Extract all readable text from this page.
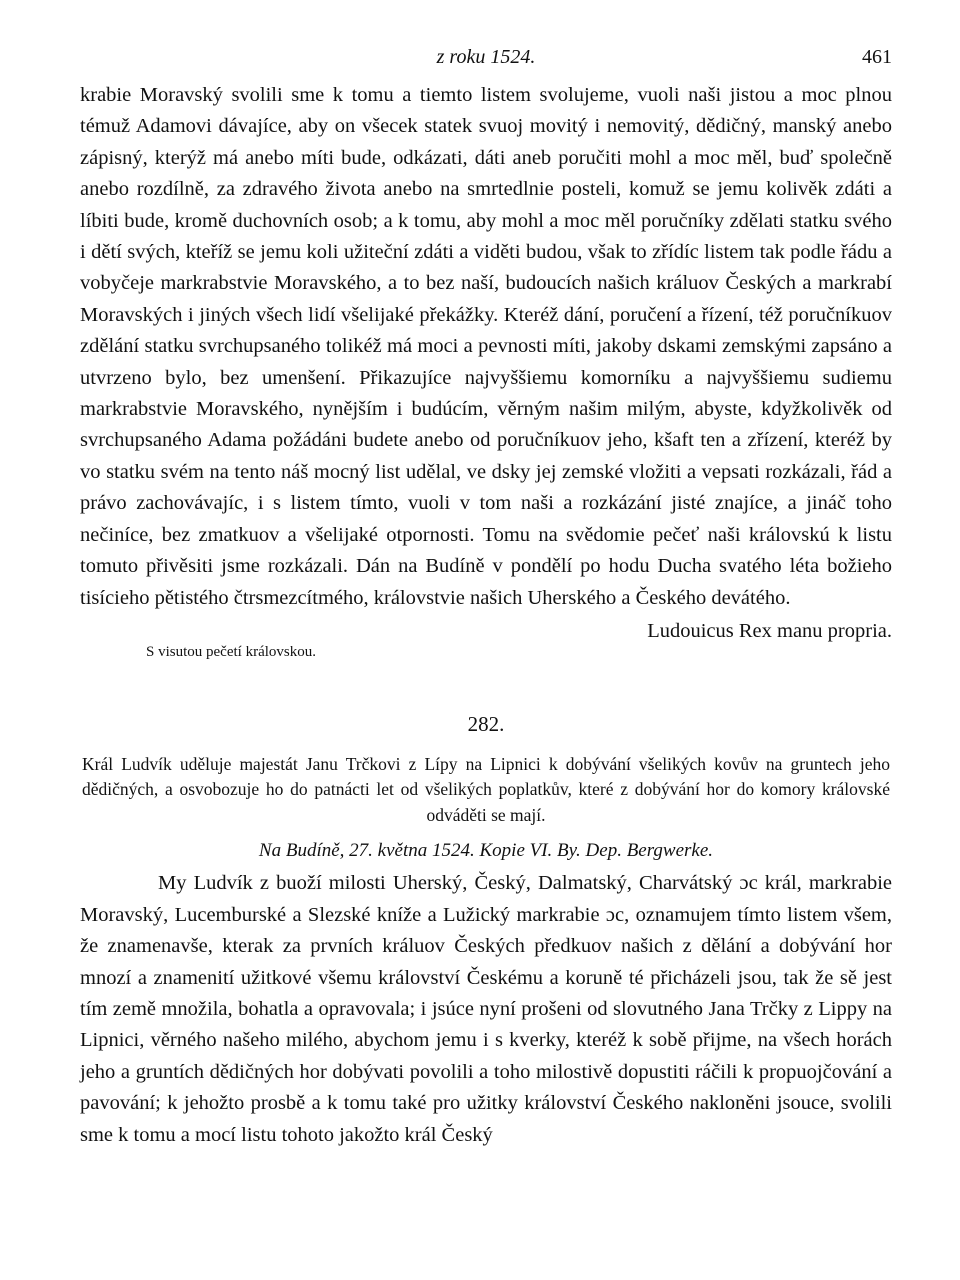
z roku 1524.	461

krabie Moravský svolili sme k tomu a tiemto listem svolujeme, vuoli naši jistou a moc plnou témuž Adamovi dávajíce, aby on všecek statek svuoj movitý i nemovitý, dědičný, manský anebo zápisný, kterýž má anebo míti bude, odkázati, dáti aneb poručiti mohl a moc měl, buď společně anebo rozdílně, za zdravého života anebo na smrtedlnie posteli, komuž se jemu kolivěk zdáti a líbiti bude, kromě duchovních osob; a k tomu, aby mohl a moc měl poručníky zdělati statku svého i dětí svých, kteříž se jemu koli užiteční zdáti a viděti budou, však to zřídíc listem tak podle řádu a vobyčeje markrabstvie Moravského, a to bez naší, budoucích našich králuov Českých a markrabí Moravských i jiných všech lidí všelijaké překážky. Kteréž dání, poručení a řízení, též poručníkuov zdělání statku svrchupsaného tolikéž má moci a pevnosti míti, jakoby dskami zemskými zapsáno a utvrzeno bylo, bez umenšení. Přikazujíce najvyššiemu komorníku a najvyššiemu sudiemu markrabstvie Moravského, nynějším i budúcím, věrným našim milým, abyste, kdyžkolivěk od svrchupsaného Adama požádáni budete anebo od poručníkuov jeho, kšaft ten a zřízení, kteréž by vo statku svém na tento náš mocný list udělal, ve dsky jej zemské vložiti a vepsati rozkázali, řád a právo zachovávajíc, i s listem tímto, vuoli v tom naši a rozkázání jisté znajíce, a jináč toho nečiníce, bez zmatkuov a všelijaké otpornosti. Tomu na svědomie pečeť naši královskú k listu tomuto přivěsiti jsme rozkázali. Dán na Budíně v pondělí po hodu Ducha svatého léta božieho tisícieho pětistého čtrsmezcítmého, královstvie našich Uherského a Českého devátého.

Ludouicus Rex manu propria.
S visutou pečetí královskou.
282.
Král Ludvík uděluje majestát Janu Trčkovi z Lípy na Lipnici k dobývání všelikých kovův na gruntech jeho dědičných, a osvobozuje ho do patnácti let od všelikých poplatkův, které z dobývání hor do komory královské odváděti se mají.
Na Budíně, 27. května 1524. Kopie VI. By. Dep. Bergwerke.

My Ludvík z buoží milosti Uherský, Český, Dalmatský, Charvátský ɔc král, markrabie Moravský, Lucemburské a Slezské kníže a Lužický markrabie ɔc, oznamujem tímto listem všem, že znamenavše, kterak za prvních králuov Českých předkuov našich z dělání a dobývání hor mnozí a znamenití užitkové všemu království Českému a koruně té přicházeli jsou, tak že sě jest tím země množila, bohatla a opravovala; i jsúce nyní prošeni od slovutného Jana Trčky z Lippy na Lipnici, věrného našeho milého, abychom jemu i s kverky, kteréž k sobě přijme, na všech horách jeho a gruntích dědičných hor dobývati povolili a toho milostivě dopustiti ráčili k propuojčování a pavování; k jehožto prosbě a k tomu také pro užitky království Českého nakloněni jsouce, svolili sme k tomu a mocí listu tohoto jakožto král Český
